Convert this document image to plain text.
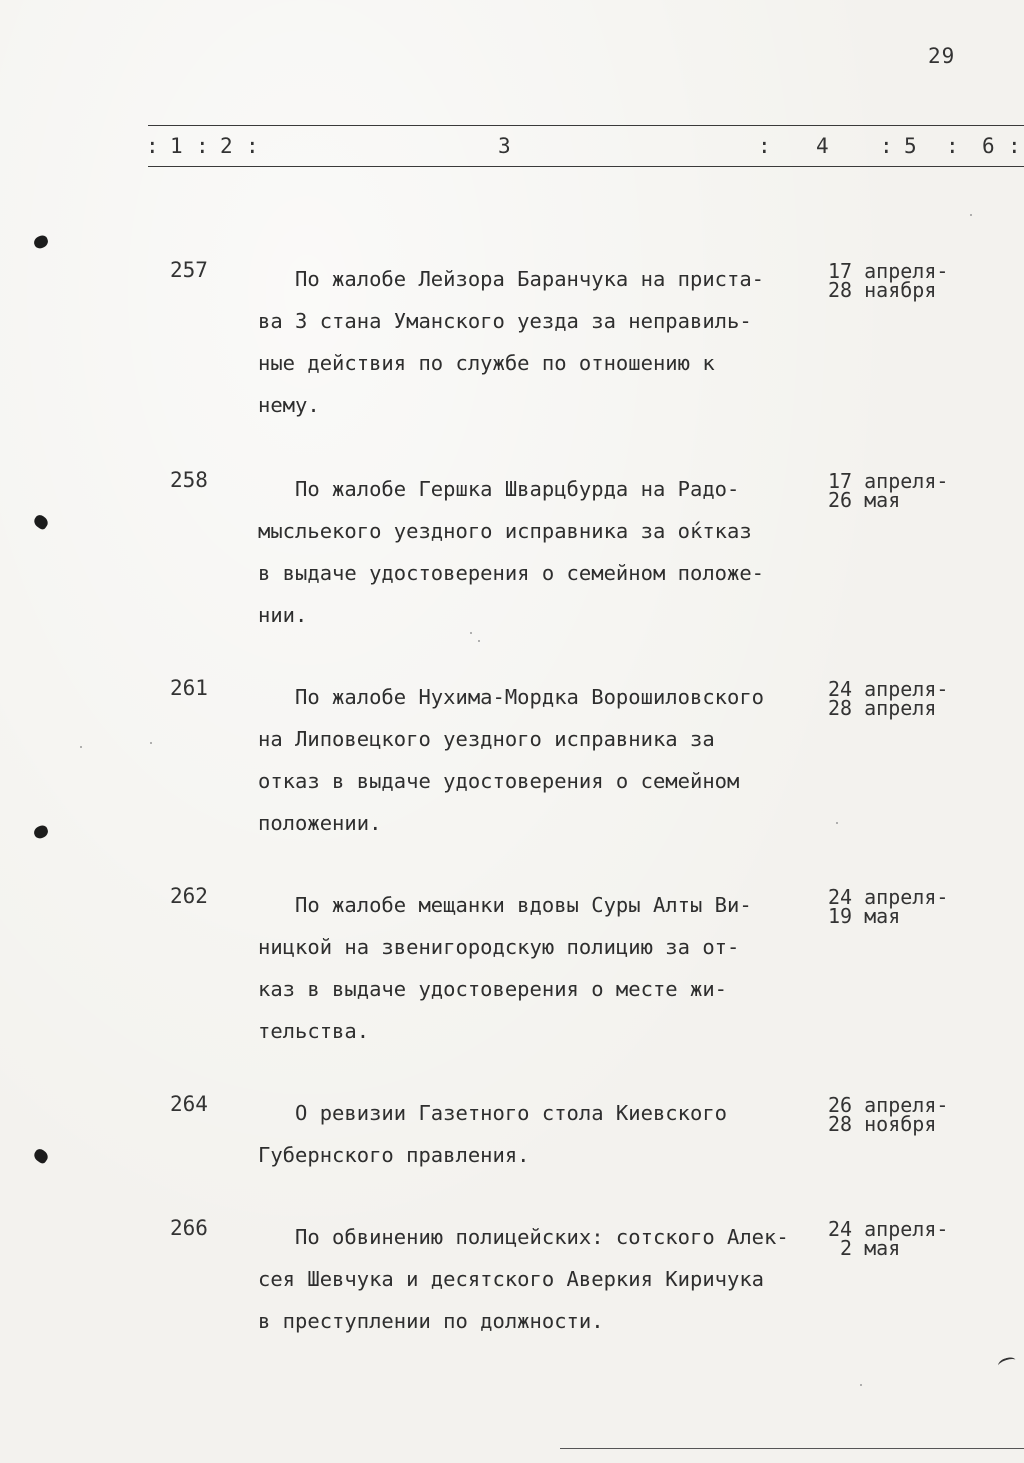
29
: 1 : 2 :	3	: 4 : 5 : 6 :
257 По жалобе Лейзора Баранчука на приста-
ва 3 стана Уманского уезда за неправиль-
ные действия по службе по отношению к
нему.
17 апреля-
28 наября
258 По жалобе Гершка Шварцбурда на Радо-
мысльекого уездного исправника за оќтказ
в выдаче удостоверения о семейном положе-
нии.
17 апреля-
26 мая
261 По жалобе Нухима-Мордка Ворошиловского
на Липовецкого уездного исправника за
отказ в выдаче удостоверения о семейном
положении.
24 апреля-
28 апреля
262 По жалобе мещанки вдовы Суры Алты Ви-
ницкой на звенигородскую полицию за от-
каз в выдаче удостоверения о месте жи-
тельства.
24 апреля-
19 мая
264 О ревизии Газетного стола Киевского
Губернского правления.
26 апреля-
28 ноября
266 По обвинению полицейских: сотского Алек-
сея Шевчука и десятского Аверкия Киричука
в преступлении по должности.
24 апреля-
2 мая
